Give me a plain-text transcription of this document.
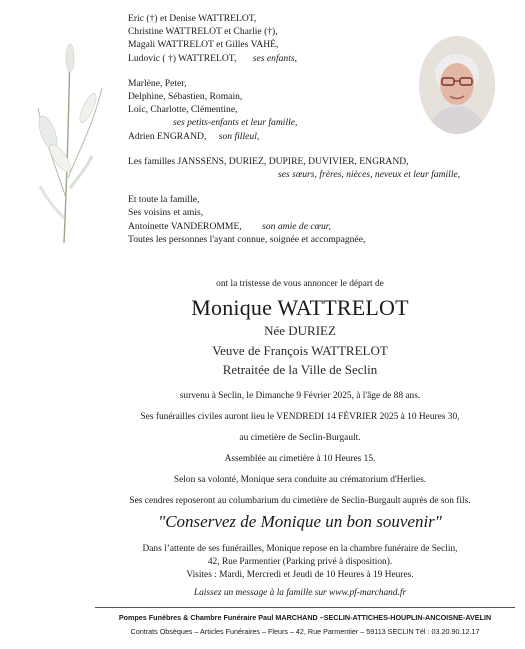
Eric (†) et Denise WATTRELOT,
Christine WATTRELOT et Charlie (†),
Magali WATTRELOT et Gilles VAHÉ,
Ludovic ( †) WATTRELOT, ses enfants,
Marlène, Peter,
Delphine, Sébastien, Romain,
Loïc, Charlotte, Clémentine,
ses petits-enfants et leur famille,
Adrien ENGRAND, son filleul,
Les familles JANSSENS, DURIEZ, DUPIRE, DUVIVIER, ENGRAND,
ses sœurs, frères, nièces, neveux et leur famille,
Et toute la famille,
Ses voisins et amis,
Antoinette VANDEROMME, son amie de cœur,
Toutes les personnes l'ayant connue, soignée et accompagnée,
ont la tristesse de vous annoncer le départ de
Monique WATTRELOT
Née DURIEZ
Veuve de François WATTRELOT
Retraitée de la Ville de Seclin
survenu à Seclin, le Dimanche 9 Février 2025, à l'âge de 88 ans.
Ses funérailles civiles auront lieu le VENDREDI 14 FÉVRIER 2025 à 10 Heures 30,
au cimetière de Seclin-Burgault.
Assemblée au cimetière à 10 Heures 15.
Selon sa volonté, Monique sera conduite au crématorium d'Herlies.
Ses cendres reposeront au columbarium du cimetière de Seclin-Burgault auprès de son fils.
"Conservez de Monique un bon souvenir"
Dans l’attente de ses funérailles, Monique repose en la chambre funéraire de Seclin,
42, Rue Parmentier (Parking privé à disposition).
Visites : Mardi, Mercredi et Jeudi de 10 Heures à 19 Heures.
Laissez un message à la famille sur www.pf-marchand.fr
Pompes Funèbres & Chambre Funéraire Paul MARCHAND –SECLIN-ATTICHES-HOUPLIN-ANCOISNE-AVELIN
Contrats Obsèques – Articles Funéraires – Fleurs – 42, Rue Parmentier – 59113 SECLIN Tél : 03.20.90.12.17
